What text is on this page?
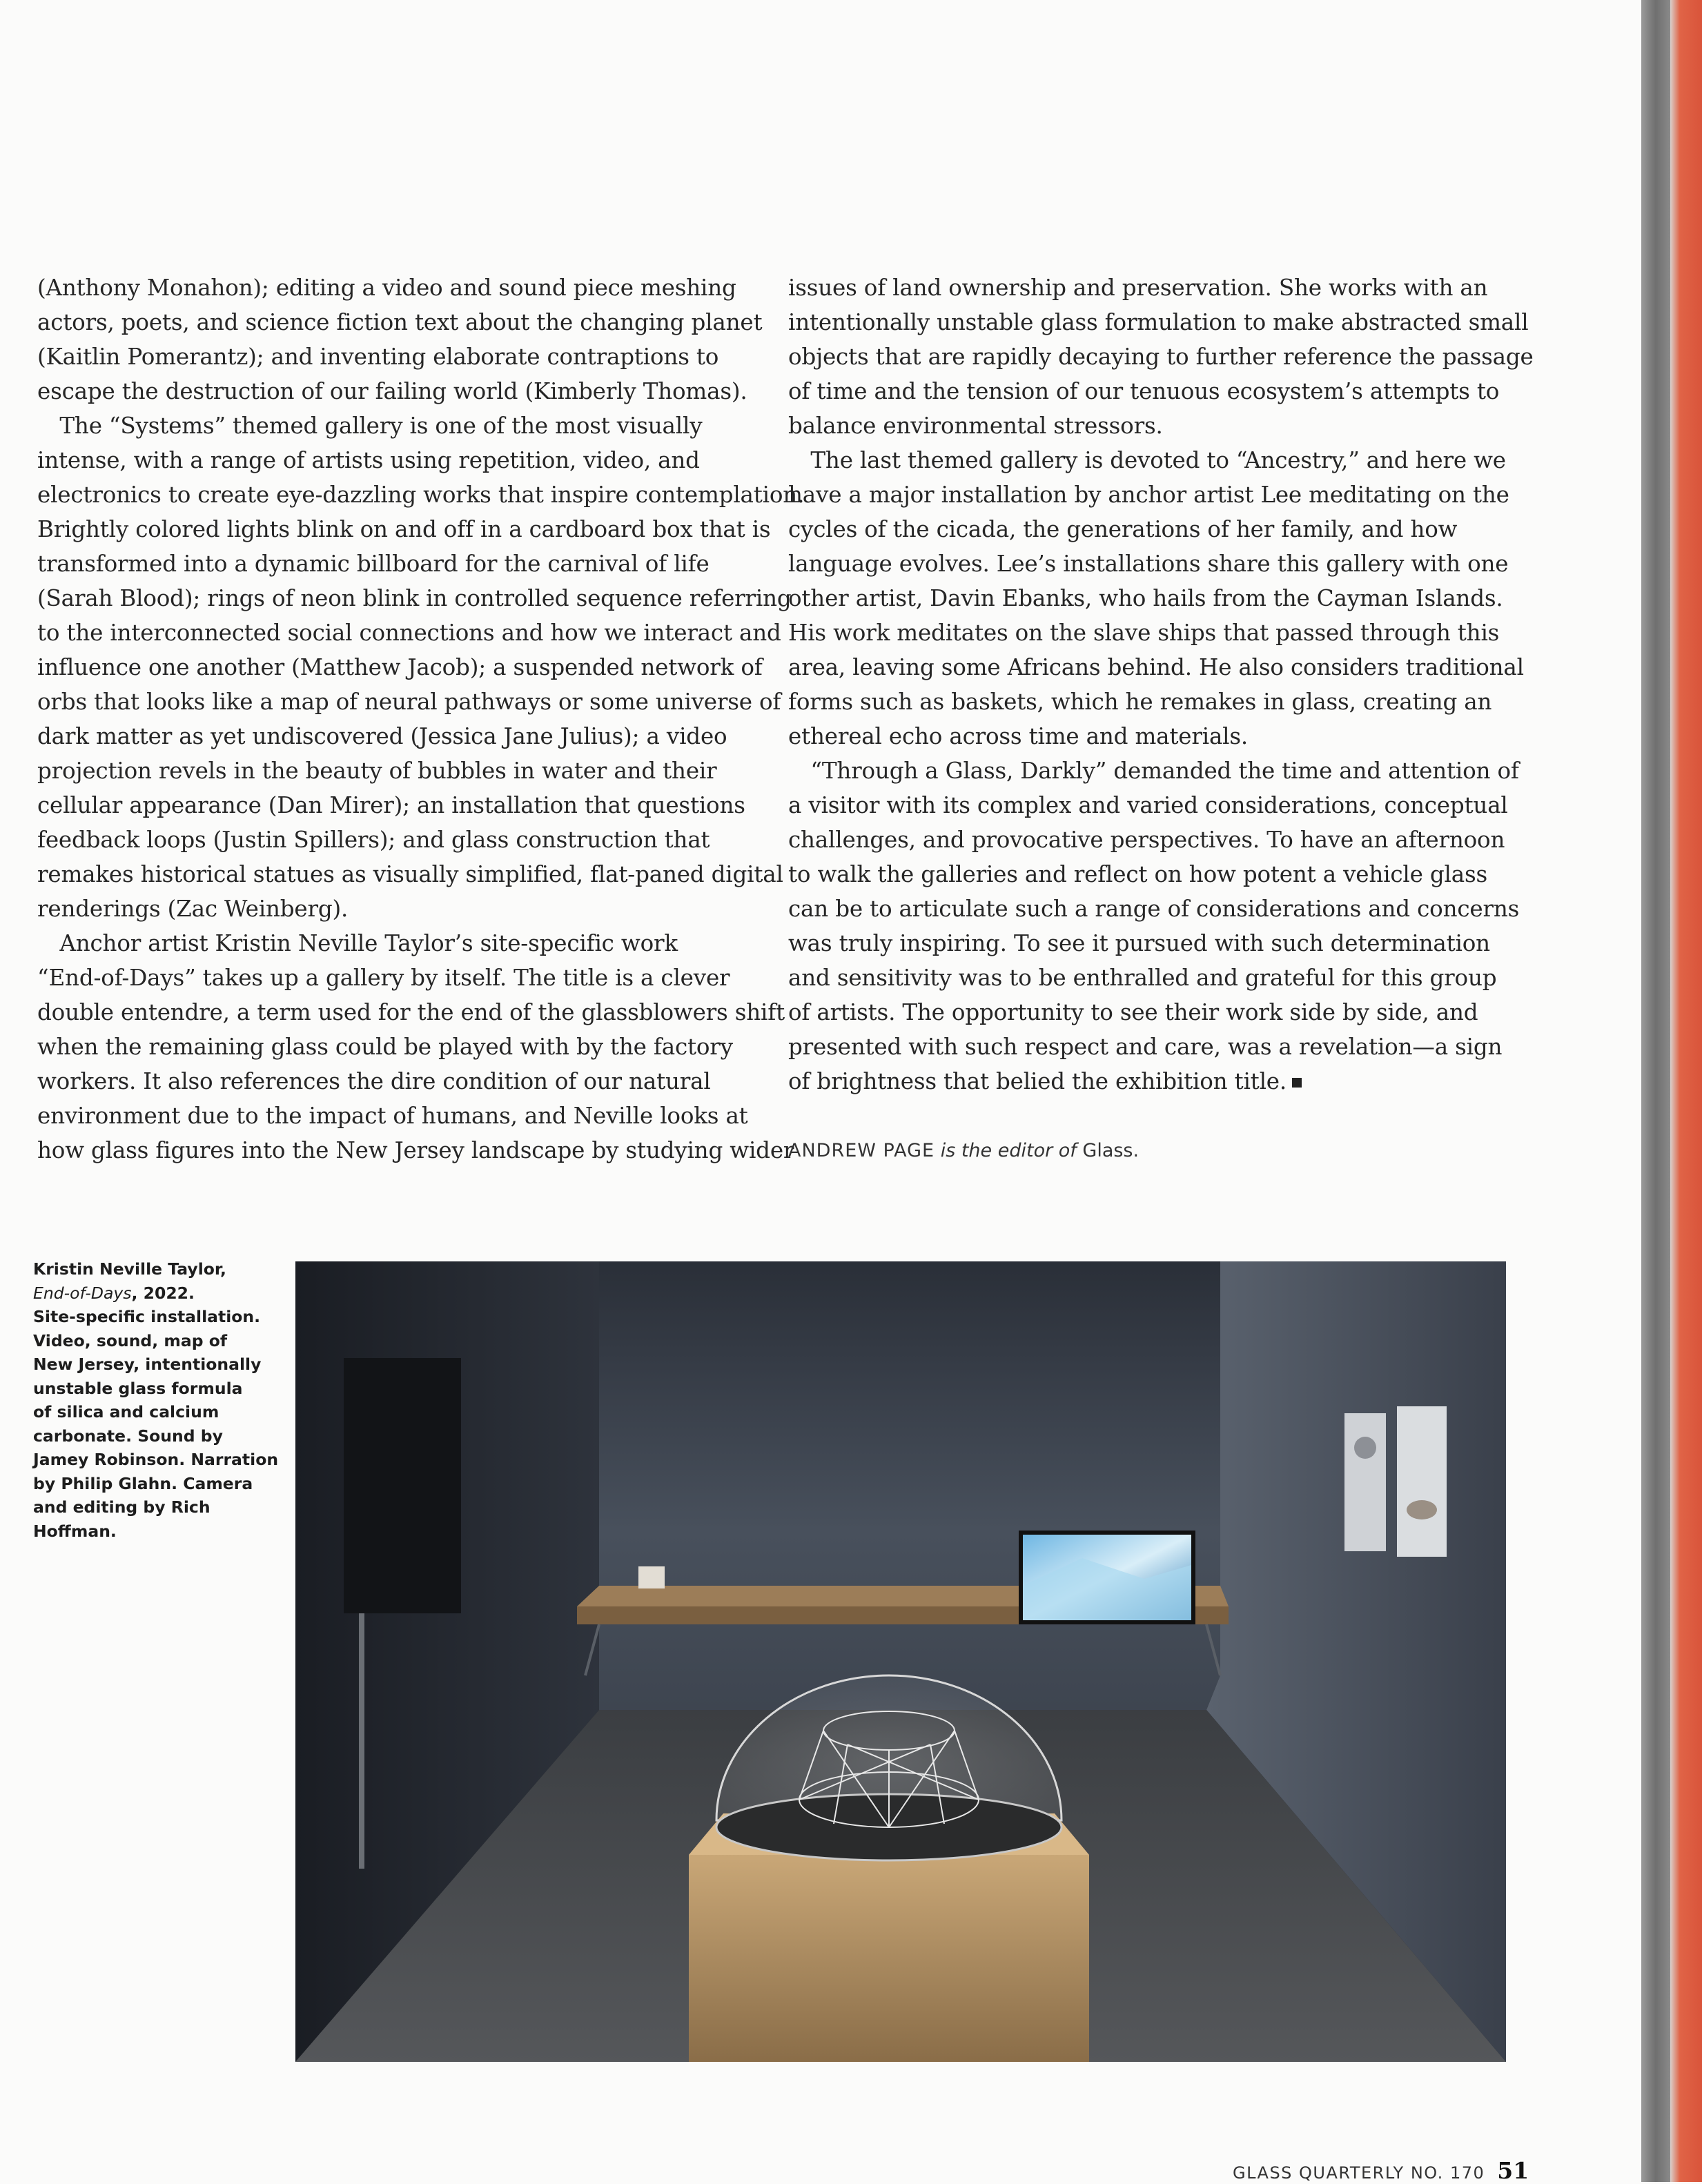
(Anthony Monahon); editing a video and sound piece meshing
actors, poets, and science fiction text about the changing planet
(Kaitlin Pomerantz); and inventing elaborate contraptions to
escape the destruction of our failing world (Kimberly Thomas).
 The “Systems” themed gallery is one of the most visually
intense, with a range of artists using repetition, video, and
electronics to create eye-dazzling works that inspire contemplation.
Brightly colored lights blink on and off in a cardboard box that is
transformed into a dynamic billboard for the carnival of life
(Sarah Blood); rings of neon blink in controlled sequence referring
to the interconnected social connections and how we interact and
influence one another (Matthew Jacob); a suspended network of
orbs that looks like a map of neural pathways or some universe of
dark matter as yet undiscovered (Jessica Jane Julius); a video
projection revels in the beauty of bubbles in water and their
cellular appearance (Dan Mirer); an installation that questions
feedback loops (Justin Spillers); and glass construction that
remakes historical statues as visually simplified, flat-paned digital
renderings (Zac Weinberg).
 Anchor artist Kristin Neville Taylor’s site-specific work
“End-of-Days” takes up a gallery by itself. The title is a clever
double entendre, a term used for the end of the glassblowers shift
when the remaining glass could be played with by the factory
workers. It also references the dire condition of our natural
environment due to the impact of humans, and Neville looks at
how glass figures into the New Jersey landscape by studying wider
issues of land ownership and preservation. She works with an
intentionally unstable glass formulation to make abstracted small
objects that are rapidly decaying to further reference the passage
of time and the tension of our tenuous ecosystem’s attempts to
balance environmental stressors.
 The last themed gallery is devoted to “Ancestry,” and here we
have a major installation by anchor artist Lee meditating on the
cycles of the cicada, the generations of her family, and how
language evolves. Lee’s installations share this gallery with one
other artist, Davin Ebanks, who hails from the Cayman Islands.
His work meditates on the slave ships that passed through this
area, leaving some Africans behind. He also considers traditional
forms such as baskets, which he remakes in glass, creating an
ethereal echo across time and materials.
 “Through a Glass, Darkly” demanded the time and attention of
a visitor with its complex and varied considerations, conceptual
challenges, and provocative perspectives. To have an afternoon
to walk the galleries and reflect on how potent a vehicle glass
can be to articulate such a range of considerations and concerns
was truly inspiring. To see it pursued with such determination
and sensitivity was to be enthralled and grateful for this group
of artists. The opportunity to see their work side by side, and
presented with such respect and care, was a revelation—a sign
of brightness that belied the exhibition title.
ANDREW PAGE is the editor of Glass.
Kristin Neville Taylor,
End-of-Days, 2022.
Site-specific installation.
Video, sound, map of
New Jersey, intentionally
unstable glass formula
of silica and calcium
carbonate. Sound by
Jamey Robinson. Narration
by Philip Glahn. Camera
and editing by Rich
Hoffman.
GLASS QUARTERLY NO. 170 51
